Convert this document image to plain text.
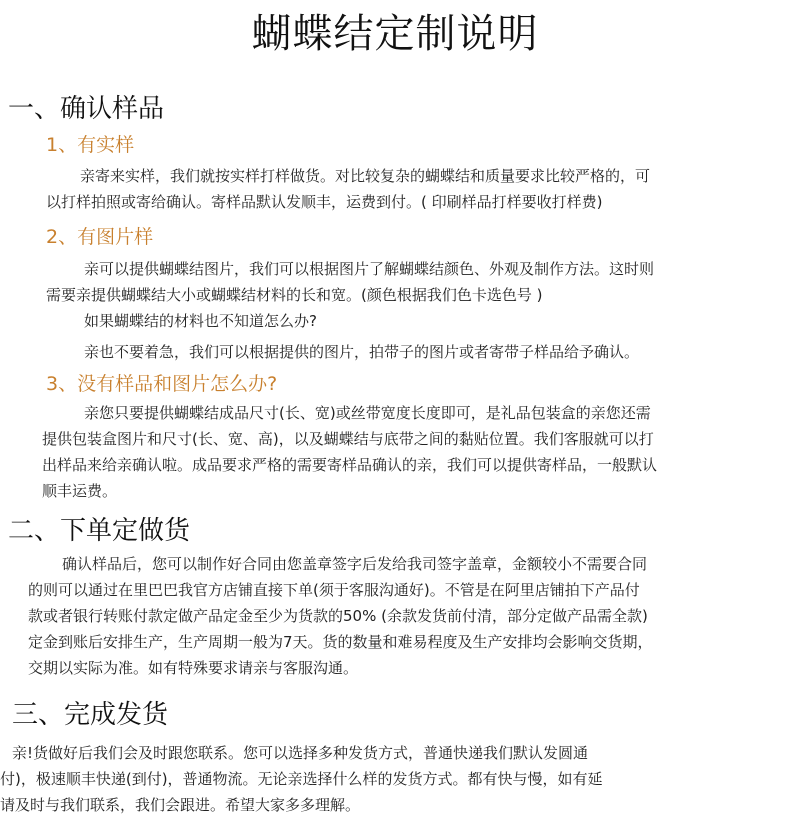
蝴蝶结定制说明
一、确认样品
1、有实样
亲寄来实样，我们就按实样打样做货。对比较复杂的蝴蝶结和质量要求比较严格的，可
以打样拍照或寄给确认。寄样品默认发顺丰，运费到付。( 印刷样品打样要收打样费)
2、有图片样
亲可以提供蝴蝶结图片，我们可以根据图片了解蝴蝶结颜色、外观及制作方法。这时则
需要亲提供蝴蝶结大小或蝴蝶结材料的长和宽。(颜色根据我们色卡选色号 )
如果蝴蝶结的材料也不知道怎么办?
亲也不要着急，我们可以根据提供的图片，拍带子的图片或者寄带子样品给予确认。
3、没有样品和图片怎么办?
亲您只要提供蝴蝶结成品尺寸(长、宽)或丝带宽度长度即可，是礼品包装盒的亲您还需
提供包装盒图片和尺寸(长、宽、高)，以及蝴蝶结与底带之间的黏贴位置。我们客服就可以打
出样品来给亲确认啦。成品要求严格的需要寄样品确认的亲，我们可以提供寄样品，一般默认
顺丰运费。
二、下单定做货
确认样品后，您可以制作好合同由您盖章签字后发给我司签字盖章，金额较小不需要合同
的则可以通过在里巴巴我官方店铺直接下单(须于客服沟通好)。不管是在阿里店铺拍下产品付
款或者银行转账付款定做产品定金至少为货款的50% (余款发货前付清，部分定做产品需全款)
定金到账后安排生产，生产周期一般为7天。货的数量和难易程度及生产安排均会影响交货期，
交期以实际为准。如有特殊要求请亲与客服沟通。
三、完成发货
亲!货做好后我们会及时跟您联系。您可以选择多种发货方式，普通快递我们默认发圆通
付)，极速顺丰快递(到付)，普通物流。无论亲选择什么样的发货方式。都有快与慢，如有延
请及时与我们联系，我们会跟进。希望大家多多理解。
